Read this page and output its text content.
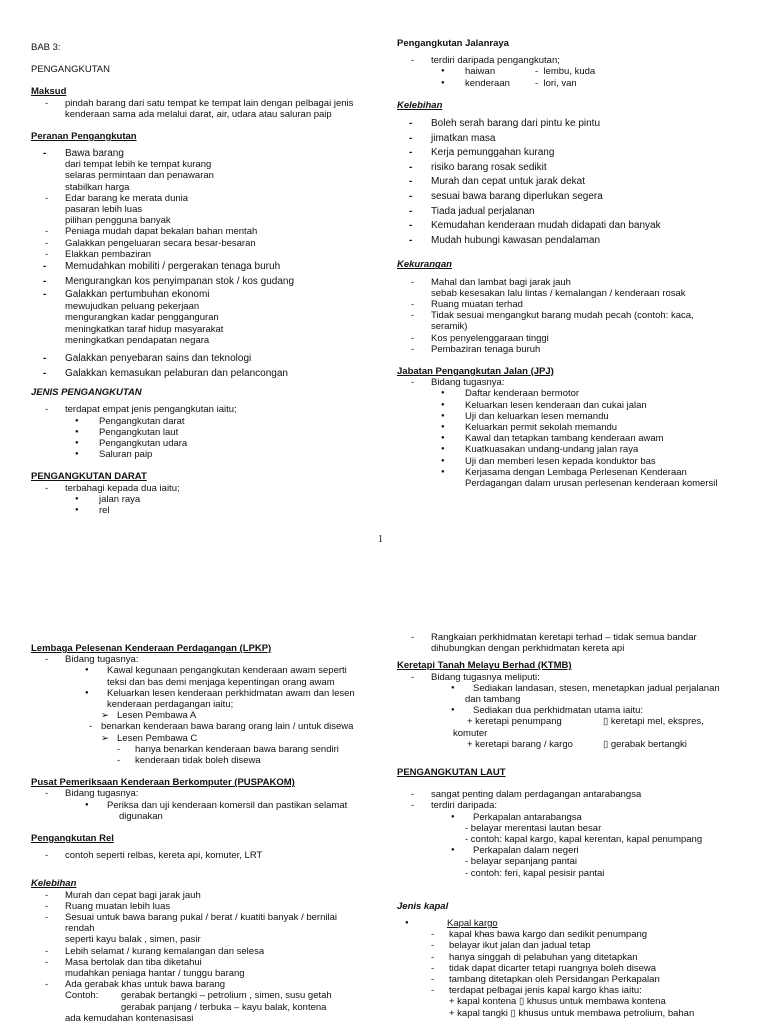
BAB 3:

PENGANGKUTAN

Maksud

- pindah barang dari satu tempat ke tempat lain dengan pelbagai jenis

kenderaan sama ada melalui darat, air, udara atau saluran paip

Peranan Pengangkutan

- Bawa barang

dari tempat lebih ke tempat kurang

selaras permintaan dan penawaran

stabilkan harga

- Edar barang ke merata dunia

pasaran lebih luas

pilihan pengguna banyak

- Peniaga mudah dapat bekalan bahan mentah

- Galakkan pengeluaran secara besar-besaran

- Elakkan pembaziran

- Memudahkan mobiliti / pergerakan tenaga buruh

- Mengurangkan kos penyimpanan stok / kos gudang

- Galakkan pertumbuhan ekonomi

mewujudkan peluang pekerjaan

mengurangkan kadar pengganguran

meningkatkan taraf hidup masyarakat

meningkatkan pendapatan negara

- Galakkan penyebaran sains dan teknologi

- Galakkan kemasukan pelaburan dan pelancongan

JENIS PENGANGKUTAN

- terdapat empat jenis pengangkutan iaitu;

● Pengangkutan darat

● Pengangkutan laut

● Pengangkutan udara

● Saluran paip

PENGANGKUTAN DARAT

- terbahagi kepada dua iaitu;

● jalan raya

● rel

Pengangkutan Jalanraya

- terdiri daripada pengangkutan;

● haiwan	-  lembu, kuda
● kenderaan	-  lori, van

Kelebihan

- Boleh serah barang dari pintu ke pintu

- jimatkan masa

- Kerja pemunggahan kurang

- risiko barang rosak sedikit

- Murah dan cepat untuk jarak dekat

- sesuai bawa barang diperlukan segera

- Tiada jadual perjalanan

- Kemudahan kenderaan mudah didapati dan banyak

- Mudah hubungi kawasan pendalaman

Kekurangan

- Mahal dan lambat bagi jarak jauh

sebab kesesakan lalu lintas / kemalangan / kenderaan rosak

- Ruang muatan terhad

- Tidak sesuai mengangkut barang mudah pecah (contoh: kaca,

seramik)

- Kos penyelenggaraan tinggi

- Pembaziran tenaga buruh

Jabatan Pengangkutan Jalan (JPJ)

- Bidang tugasnya:

● Daftar kenderaan bermotor

● Keluarkan lesen kenderaan dan cukai jalan

● Uji dan keluarkan lesen memandu

● Keluarkan permit sekolah memandu

● Kawal dan tetapkan tambang kenderaan awam

● Kuatkuasakan undang-undang jalan raya

● Uji dan memberi lesen kepada konduktor bas

● Kerjasama dengan Lembaga Perlesenan Kenderaan

Perdagangan dalam urusan perlesenan kenderaan komersil

1

Lembaga Pelesenan Kenderaan Perdagangan (LPKP)

- Bidang tugasnya:

● Kawal kegunaan pengangkutan kenderaan awam seperti

teksi dan bas demi menjaga kepentingan orang awam

● Keluarkan lesen kenderaan perkhidmatan awam dan lesen

kenderaan perdagangan iaitu;

➢ Lesen Pembawa A

- benarkan kenderaan bawa barang orang lain / untuk disewa

➢ Lesen Pembawa C

- hanya benarkan kenderaan bawa barang sendiri

- kenderaan tidak boleh disewa

Pusat Pemeriksaan Kenderaan Berkomputer (PUSPAKOM)

- Bidang tugasnya:

● Periksa dan uji kenderaan komersil dan pastikan selamat

digunakan

Pengangkutan Rel

- contoh seperti relbas, kereta api, komuter, LRT

Kelebihan

- Murah dan cepat bagi jarak jauh

- Ruang muatan lebih luas

- Sesuai untuk bawa barang pukal / berat / kuatiti banyak / bernilai

rendah

seperti kayu balak , simen, pasir

- Lebih selamat / kurang kemalangan dan selesa

- Masa bertolak dan tiba diketahui

mudahkan peniaga hantar / tunggu barang

- Ada gerabak khas untuk bawa barang

Contoh: gerabak bertangki – petrolium , simen, susu getah

gerabak panjang / terbuka – kayu balak, kontena

ada kemudahan kontenasisasi

- Rangkaian perkhidmatan keretapi terhad – tidak semua bandar

dihubungkan dengan perkhidmatan kereta api

Keretapi Tanah Melayu Berhad (KTMB)

- Bidang tugasnya meliputi:

● Sediakan landasan, stesen, menetapkan jadual perjalanan

dan tambang

● Sediakan dua perkhidmatan utama iaitu:

+ keretapi penumpang	▯ keretapi mel, ekspres,

komuter

+ keretapi barang / kargo	▯ gerabak bertangki

PENGANGKUTAN LAUT

- sangat penting dalam perdagangan antarabangsa

- terdiri daripada:

● Perkapalan antarabangsa

- belayar merentasi lautan besar

- contoh: kapal kargo, kapal kerentan, kapal penumpang

● Perkapalan dalam negeri

- belayar sepanjang pantai

- contoh: feri, kapal pesisir pantai

Jenis kapal

●	Kapal kargo

- - kapal khas bawa kargo dan sedikit penumpang

- belayar ikut jalan dan jadual tetap

- hanya singgah di pelabuhan yang ditetapkan

- tidak dapat dicarter tetapi ruangnya boleh disewa

- tambang ditetapkan oleh Persidangan Perkapalan

- terdapat pelbagai jenis kapal kargo khas iaitu:

+ kapal kontena ▯ khusus untuk membawa kontena

+ kapal tangki ▯ khusus untuk membawa petrolium, bahan
